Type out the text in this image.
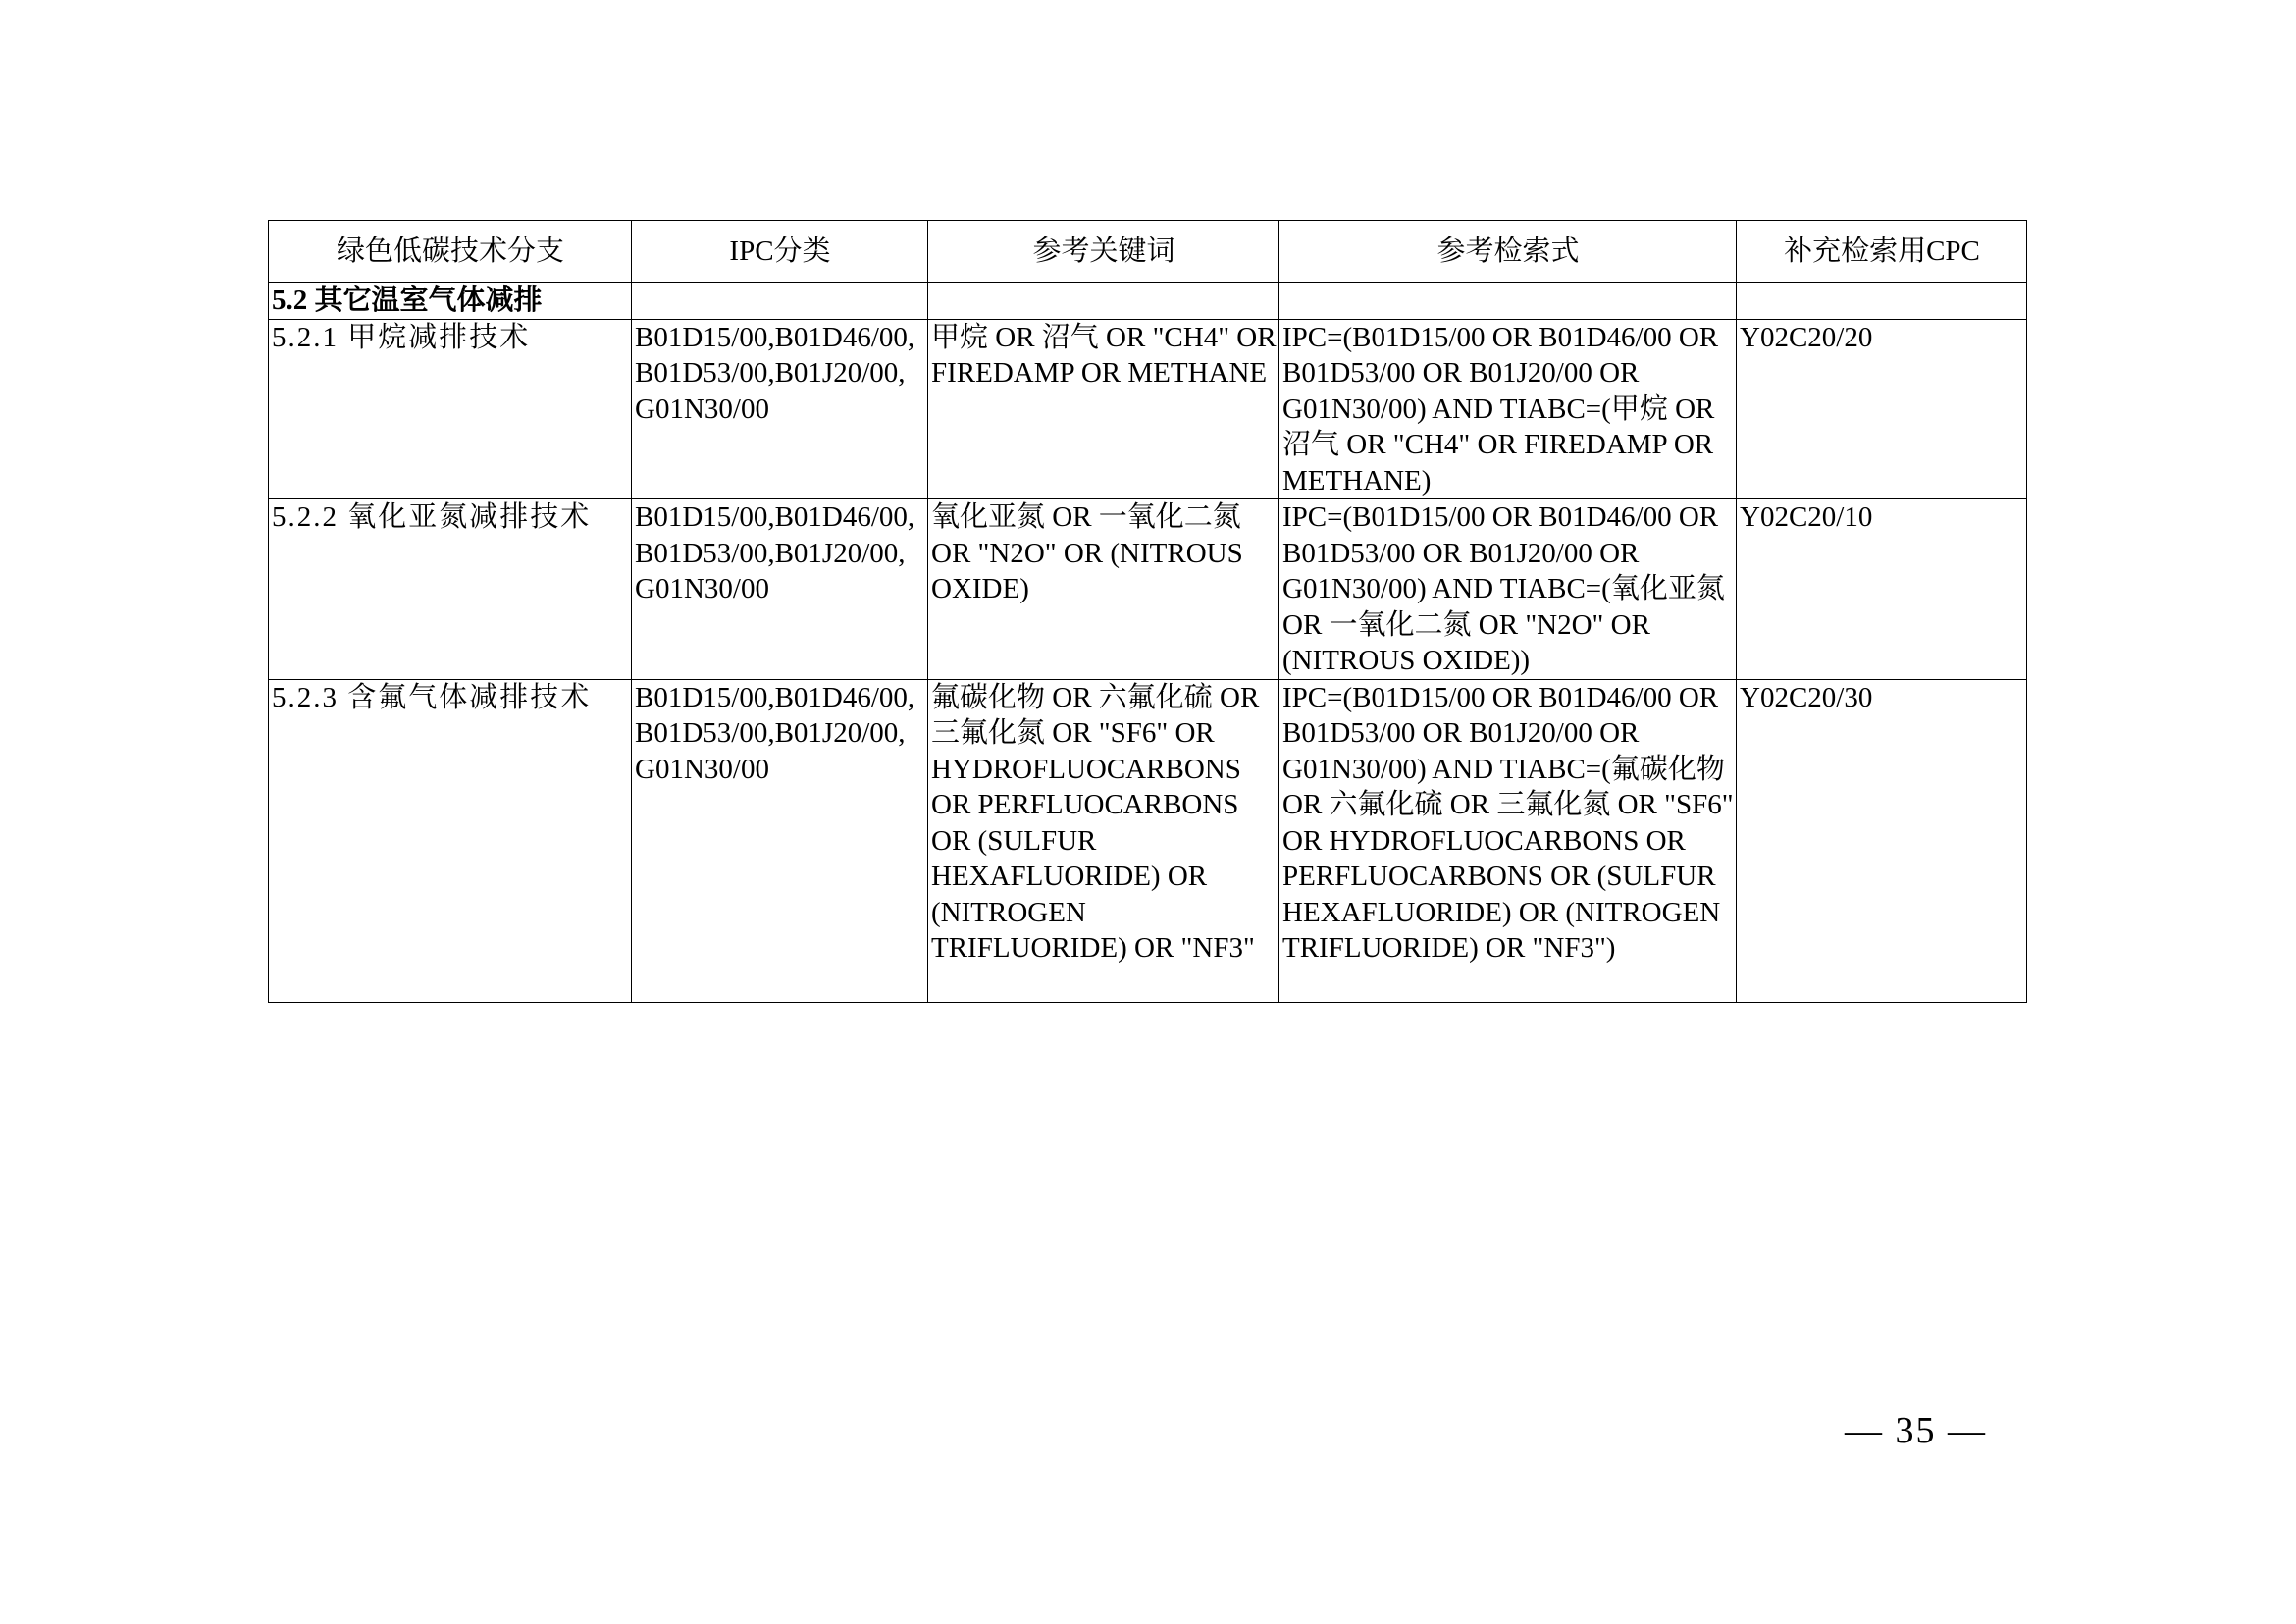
绿色低碳技术分支	IPC分类	参考关键词	参考检索式	补充检索用CPC
5.2 其它温室气体减排				
5.2.1 甲烷减排技术	B01D15/00,B01D46/00,B01D53/00,B01J20/00,G01N30/00	甲烷 OR 沼气 OR "CH4" OR FIREDAMP OR METHANE	IPC=(B01D15/00 OR B01D46/00 OR B01D53/00 OR B01J20/00 OR G01N30/00) AND TIABC=(甲烷 OR 沼气 OR "CH4" OR FIREDAMP OR METHANE)	Y02C20/20
5.2.2 氧化亚氮减排技术	B01D15/00,B01D46/00,B01D53/00,B01J20/00,G01N30/00	氧化亚氮 OR 一氧化二氮 OR "N2O" OR (NITROUS OXIDE)	IPC=(B01D15/00 OR B01D46/00 OR B01D53/00 OR B01J20/00 OR G01N30/00) AND TIABC=(氧化亚氮 OR 一氧化二氮 OR "N2O" OR (NITROUS OXIDE))	Y02C20/10
5.2.3 含氟气体减排技术	B01D15/00,B01D46/00,B01D53/00,B01J20/00,G01N30/00	氟碳化物 OR 六氟化硫 OR 三氟化氮 OR "SF6" OR HYDROFLUOCARBONS OR PERFLUOCARBONS OR (SULFUR HEXAFLUORIDE) OR (NITROGEN TRIFLUORIDE) OR "NF3"	IPC=(B01D15/00 OR B01D46/00 OR B01D53/00 OR B01J20/00 OR G01N30/00) AND TIABC=(氟碳化物 OR 六氟化硫 OR 三氟化氮 OR "SF6" OR HYDROFLUOCARBONS OR PERFLUOCARBONS OR (SULFUR HEXAFLUORIDE) OR (NITROGEN TRIFLUORIDE) OR "NF3")	Y02C20/30
— 35 —
